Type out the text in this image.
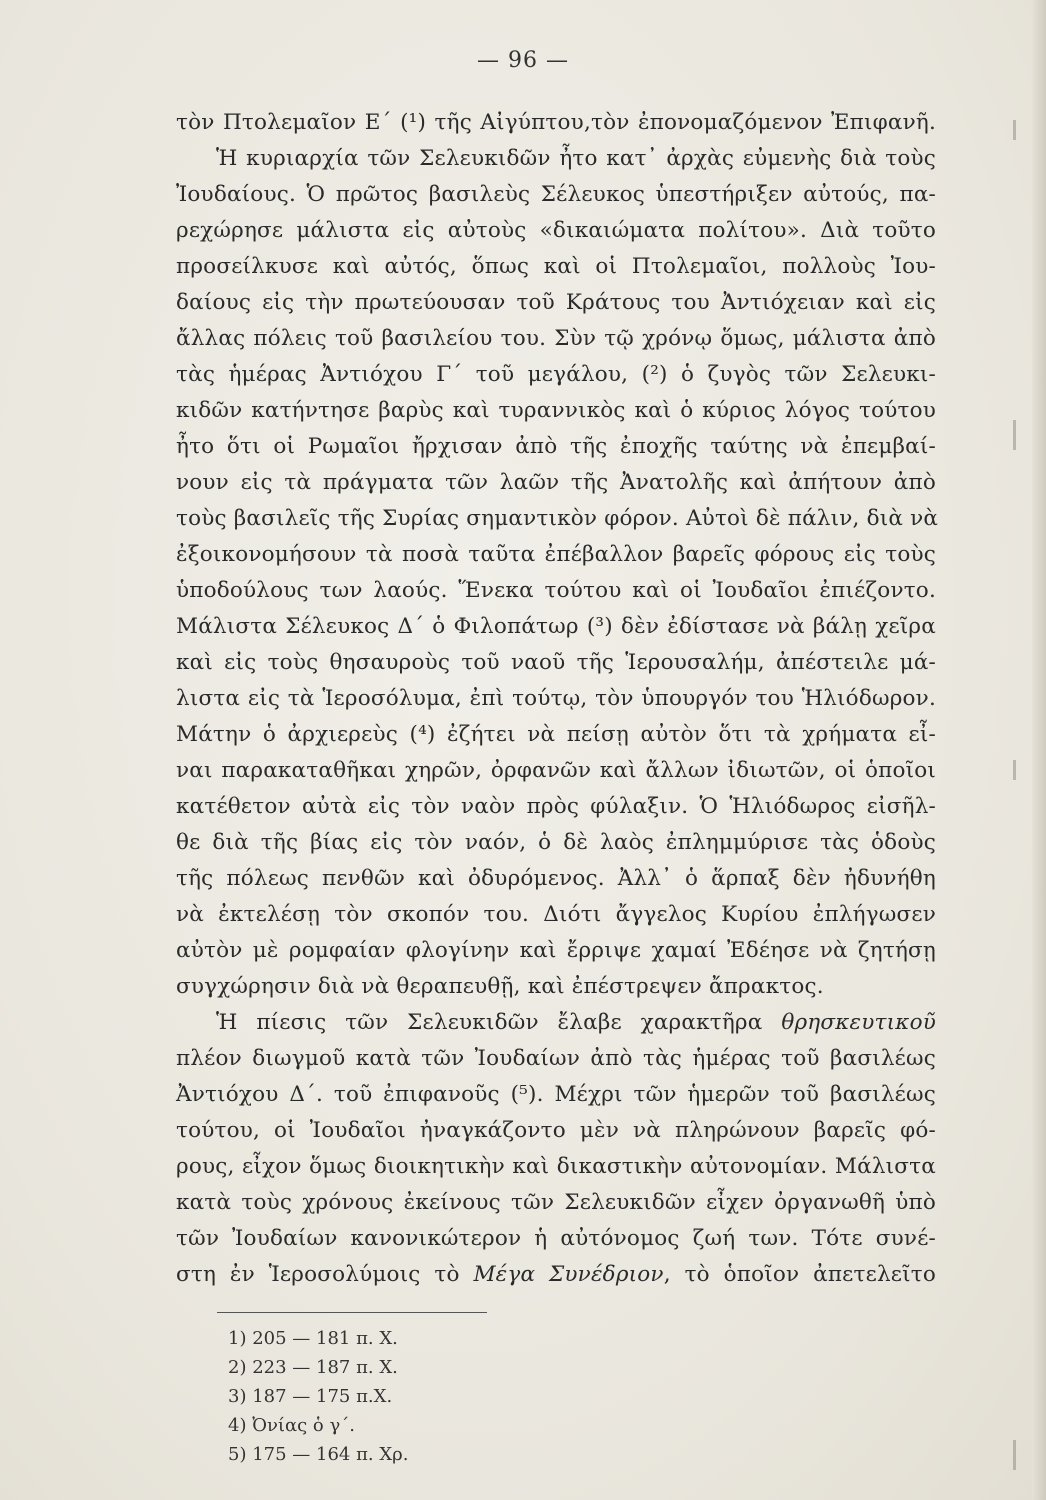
— 96 —
τὸν Πτολεμαῖον Ε΄ (¹) τῆς Αἰγύπτου,τὸν ἐπονομαζόμενον Ἐπιφανῆ.
Ἡ κυριαρχία τῶν Σελευκιδῶν ἦτο κατ᾿ ἀρχὰς εὐμενὴς διὰ τοὺς
Ἰουδαίους. Ὁ πρῶτος βασιλεὺς Σέλευκος ὑπεστήριξεν αὐτούς, πα-
ρεχώρησε μάλιστα εἰς αὐτοὺς «δικαιώματα πολίτου». Διὰ τοῦτο
προσείλκυσε καὶ αὐτός, ὅπως καὶ οἱ Πτολεμαῖοι, πολλοὺς Ἰου-
δαίους εἰς τὴν πρωτεύουσαν τοῦ Κράτους του Ἀντιόχειαν καὶ εἰς
ἄλλας πόλεις τοῦ βασιλείου του. Σὺν τῷ χρόνῳ ὅμως, μάλιστα ἀπὸ
τὰς ἡμέρας Ἀντιόχου Γ΄ τοῦ μεγάλου, (²) ὁ ζυγὸς τῶν Σελευκι-
κιδῶν κατήντησε βαρὺς καὶ τυραννικὸς καὶ ὁ κύριος λόγος τούτου
ἦτο ὅτι οἱ Ρωμαῖοι ἤρχισαν ἀπὸ τῆς ἐποχῆς ταύτης νὰ ἐπεμβαί-
νουν εἰς τὰ πράγματα τῶν λαῶν τῆς Ἀνατολῆς καὶ ἀπήτουν ἀπὸ
τοὺς βασιλεῖς τῆς Συρίας σημαντικὸν φόρον. Αὐτοὶ δὲ πάλιν, διὰ νὰ
ἐξοικονομήσουν τὰ ποσὰ ταῦτα ἐπέβαλλον βαρεῖς φόρους εἰς τοὺς
ὑποδούλους των λαούς. Ἕνεκα τούτου καὶ οἱ Ἰουδαῖοι ἐπιέζοντο.
Μάλιστα Σέλευκος Δ΄ ὁ Φιλοπάτωρ (³) δὲν ἐδίστασε νὰ βάλῃ χεῖρα
καὶ εἰς τοὺς θησαυροὺς τοῦ ναοῦ τῆς Ἱερουσαλήμ, ἀπέστειλε μά-
λιστα εἰς τὰ Ἱεροσόλυμα, ἐπὶ τούτῳ, τὸν ὑπουργόν του Ἡλιόδωρον.
Μάτην ὁ ἀρχιερεὺς (⁴) ἐζήτει νὰ πείσῃ αὐτὸν ὅτι τὰ χρήματα εἶ-
ναι παρακαταθῆκαι χηρῶν, ὀρφανῶν καὶ ἄλλων ἰδιωτῶν, οἱ ὁποῖοι
κατέθετον αὐτὰ εἰς τὸν ναὸν πρὸς φύλαξιν. Ὁ Ἡλιόδωρος εἰσῆλ-
θε διὰ τῆς βίας εἰς τὸν ναόν, ὁ δὲ λαὸς ἐπλημμύρισε τὰς ὁδοὺς
τῆς πόλεως πενθῶν καὶ ὀδυρόμενος. Ἀλλ᾿ ὁ ἅρπαξ δὲν ἠδυνήθη
νὰ ἐκτελέσῃ τὸν σκοπόν του. Διότι ἄγγελος Κυρίου ἐπλήγωσεν
αὐτὸν μὲ ρομφαίαν φλογίνην καὶ ἔρριψε χαμαί Ἐδέησε νὰ ζητήσῃ
συγχώρησιν διὰ νὰ θεραπευθῇ, καὶ ἐπέστρεψεν ἄπρακτος.
Ἡ πίεσις τῶν Σελευκιδῶν ἔλαβε χαρακτῆρα θρησκευτικοῦ
πλέον διωγμοῦ κατὰ τῶν Ἰουδαίων ἀπὸ τὰς ἡμέρας τοῦ βασιλέως
Ἀντιόχου Δ΄. τοῦ ἐπιφανοῦς (⁵). Μέχρι τῶν ἡμερῶν τοῦ βασιλέως
τούτου, οἱ Ἰουδαῖοι ἠναγκάζοντο μὲν νὰ πληρώνουν βαρεῖς φό-
ρους, εἶχον ὅμως διοικητικὴν καὶ δικαστικὴν αὐτονομίαν. Μάλιστα
κατὰ τοὺς χρόνους ἐκείνους τῶν Σελευκιδῶν εἶχεν ὀργανωθῆ ὑπὸ
τῶν Ἰουδαίων κανονικώτερον ἡ αὐτόνομος ζωή των. Τότε συνέ-
στη ἐν Ἱεροσολύμοις τὸ Μέγα Συνέδριον, τὸ ὁποῖον ἀπετελεῖτο
1) 205 — 181 π. Χ.
2) 223 — 187 π. Χ.
3) 187 — 175 π.Χ.
4) Ὀνίας ὁ γ΄.
5) 175 — 164 π. Χρ.
